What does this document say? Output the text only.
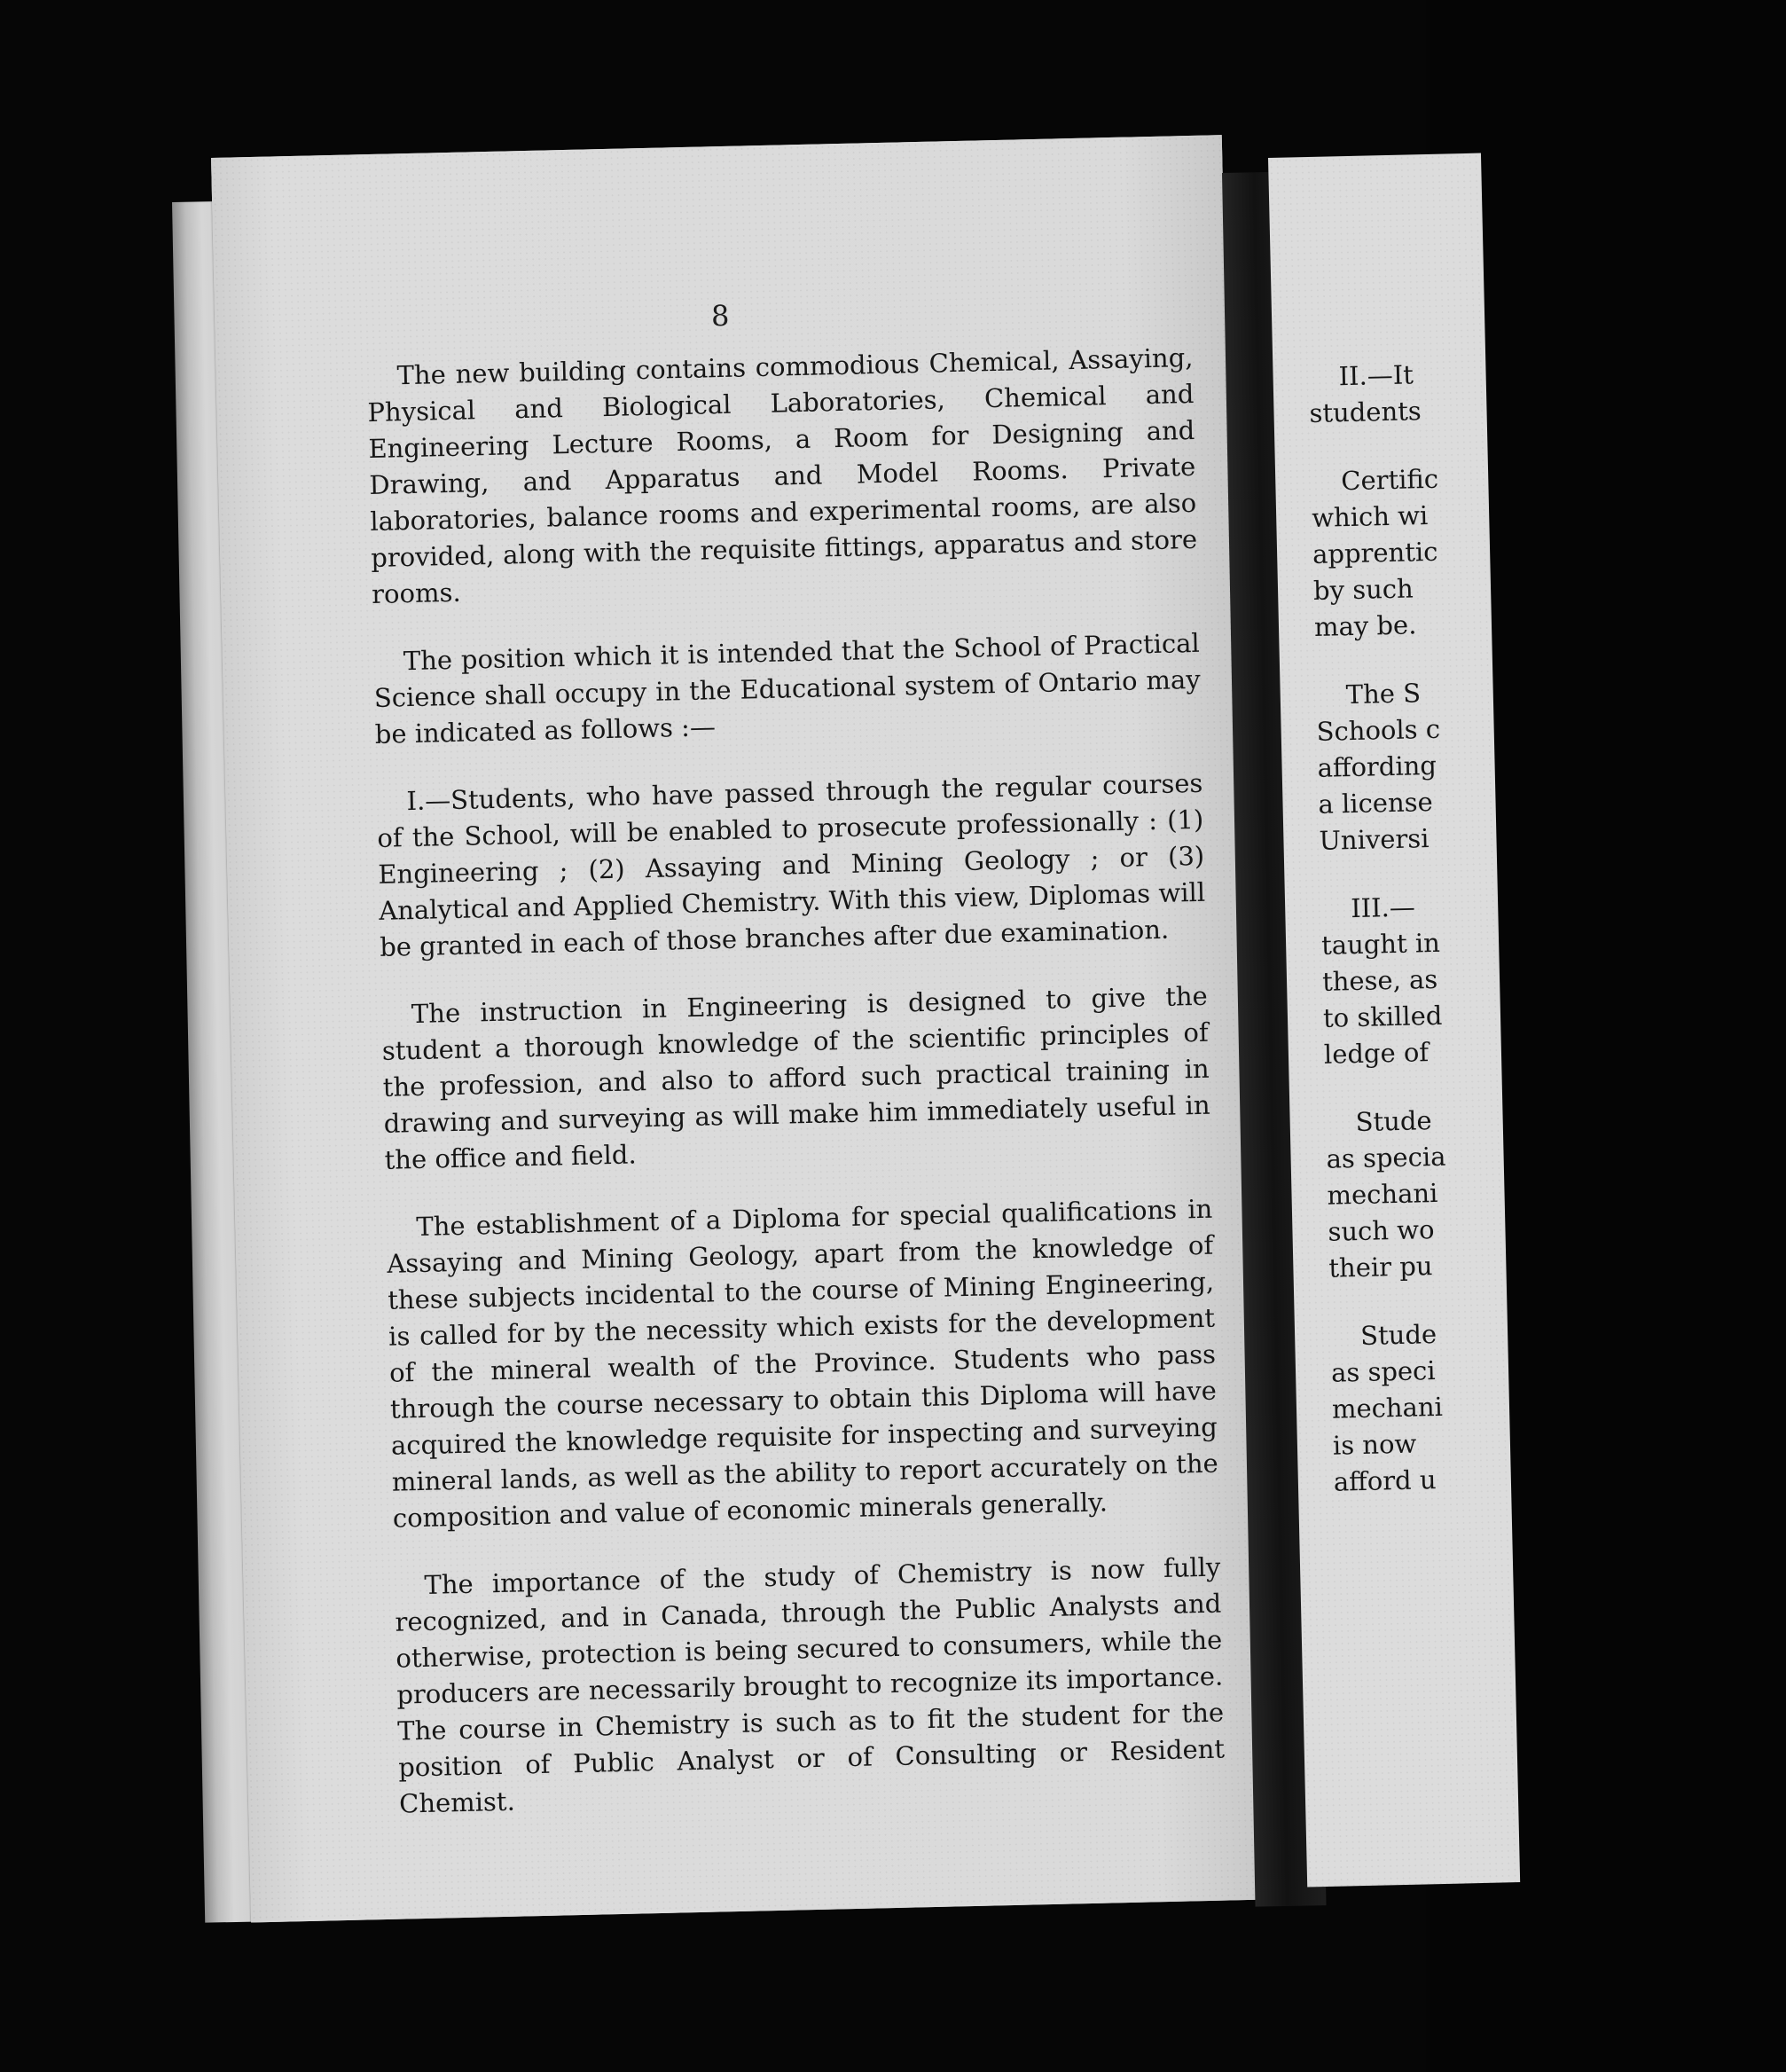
8

The new building contains commodious Chemical, Assaying, Physical and Biological Laboratories, Chemical and Engineering Lecture Rooms, a Room for Designing and Drawing, and Apparatus and Model Rooms. Private laboratories, balance rooms and experimental rooms, are also provided, along with the requisite fittings, apparatus and store rooms.

The position which it is intended that the School of Practical Science shall occupy in the Educational system of Ontario may be indicated as follows :—

I.—Students, who have passed through the regular courses of the School, will be enabled to prosecute professionally : (1) Engineering ; (2) Assaying and Mining Geology ; or (3) Analytical and Applied Chemistry. With this view, Diplomas will be granted in each of those branches after due examination.

The instruction in Engineering is designed to give the student a thorough knowledge of the scientific principles of the profession, and also to afford such practical training in drawing and surveying as will make him immediately useful in the office and field.

The establishment of a Diploma for special qualifications in Assaying and Mining Geology, apart from the knowledge of these subjects incidental to the course of Mining Engineering, is called for by the necessity which exists for the development of the mineral wealth of the Province. Students who pass through the course necessary to obtain this Diploma will have acquired the knowledge requisite for inspecting and surveying mineral lands, as well as the ability to report accurately on the composition and value of economic minerals generally.

The importance of the study of Chemistry is now fully recognized, and in Canada, through the Public Analysts and otherwise, protection is being secured to consumers, while the producers are necessarily brought to recognize its importance. The course in Chemistry is such as to fit the student for the position of Public Analyst or of Consulting or Resident Chemist.

II.—It
students
Certific
which wi
apprentic
by such
may be.
The S
Schools c
affording
a license
Universi
III.—
taught in
these, as
to skilled
ledge of
Stude
as specia
mechani
such wo
their pu
Stude
as speci
mechani
is now
afford u
